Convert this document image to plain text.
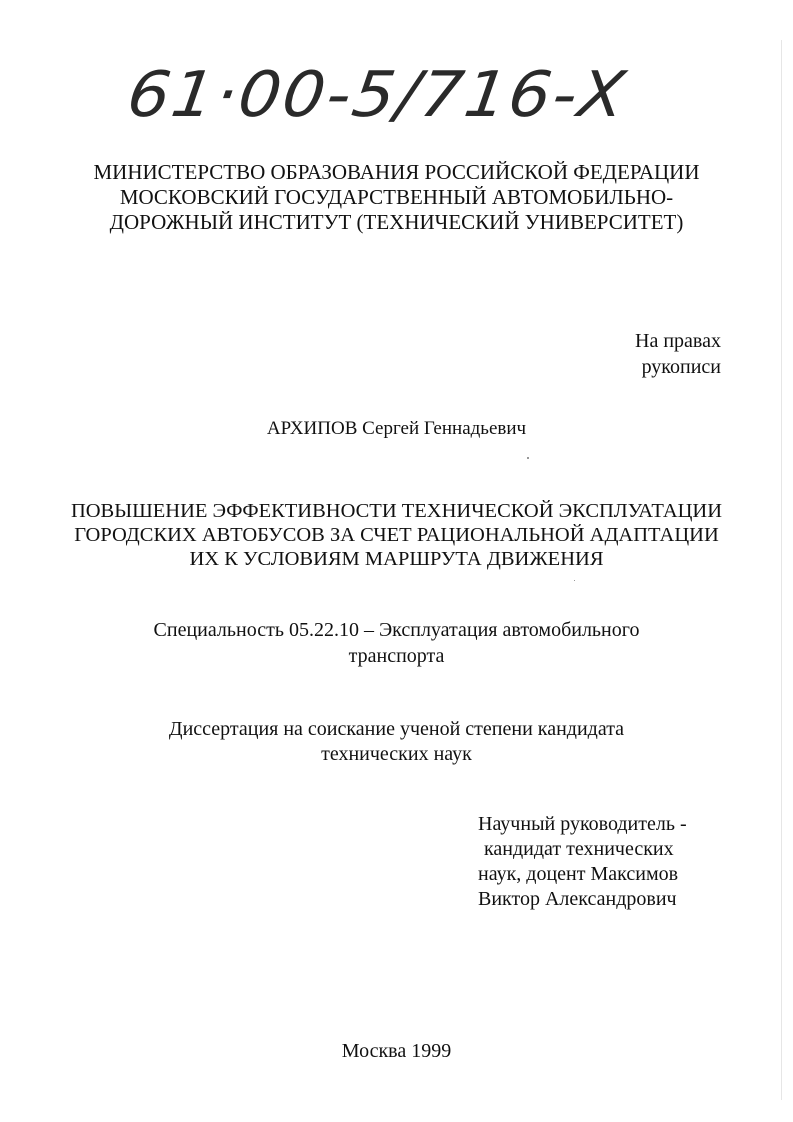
61·00-5/716-Х
МИНИСТЕРСТВО ОБРАЗОВАНИЯ РОССИЙСКОЙ ФЕДЕРАЦИИ
МОСКОВСКИЙ ГОСУДАРСТВЕННЫЙ АВТОМОБИЛЬНО-
ДОРОЖНЫЙ ИНСТИТУТ (ТЕХНИЧЕСКИЙ УНИВЕРСИТЕТ)
На правах
рукописи
АРХИПОВ Сергей Геннадьевич
ПОВЫШЕНИЕ ЭФФЕКТИВНОСТИ ТЕХНИЧЕСКОЙ ЭКСПЛУАТАЦИИ
ГОРОДСКИХ АВТОБУСОВ ЗА СЧЕТ РАЦИОНАЛЬНОЙ АДАПТАЦИИ
ИХ К УСЛОВИЯМ МАРШРУТА ДВИЖЕНИЯ
Специальность 05.22.10 – Эксплуатация автомобильного
транспорта
Диссертация на соискание ученой степени кандидата
технических наук
Научный руководитель -
кандидат технических
наук, доцент Максимов
Виктор Александрович
Москва 1999
